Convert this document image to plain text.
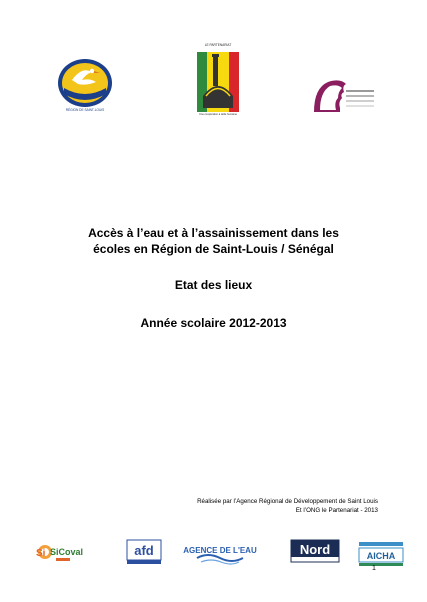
RÉGION DE SAINT-LOUIS
LE PARTENARIAT
Une coopération à taille humaine
Accès à l’eau et à l’assainissement dans les
écoles en Région de Saint-Louis / Sénégal
Etat des lieux
Année scolaire 2012-2013
Réalisée par l’Agence Régional de Développement de Saint Louis
Et l’ONG le Partenariat - 2013
Si SiCoval	afd	AGENCE DE L'EAU	Nord	AICHA
1
